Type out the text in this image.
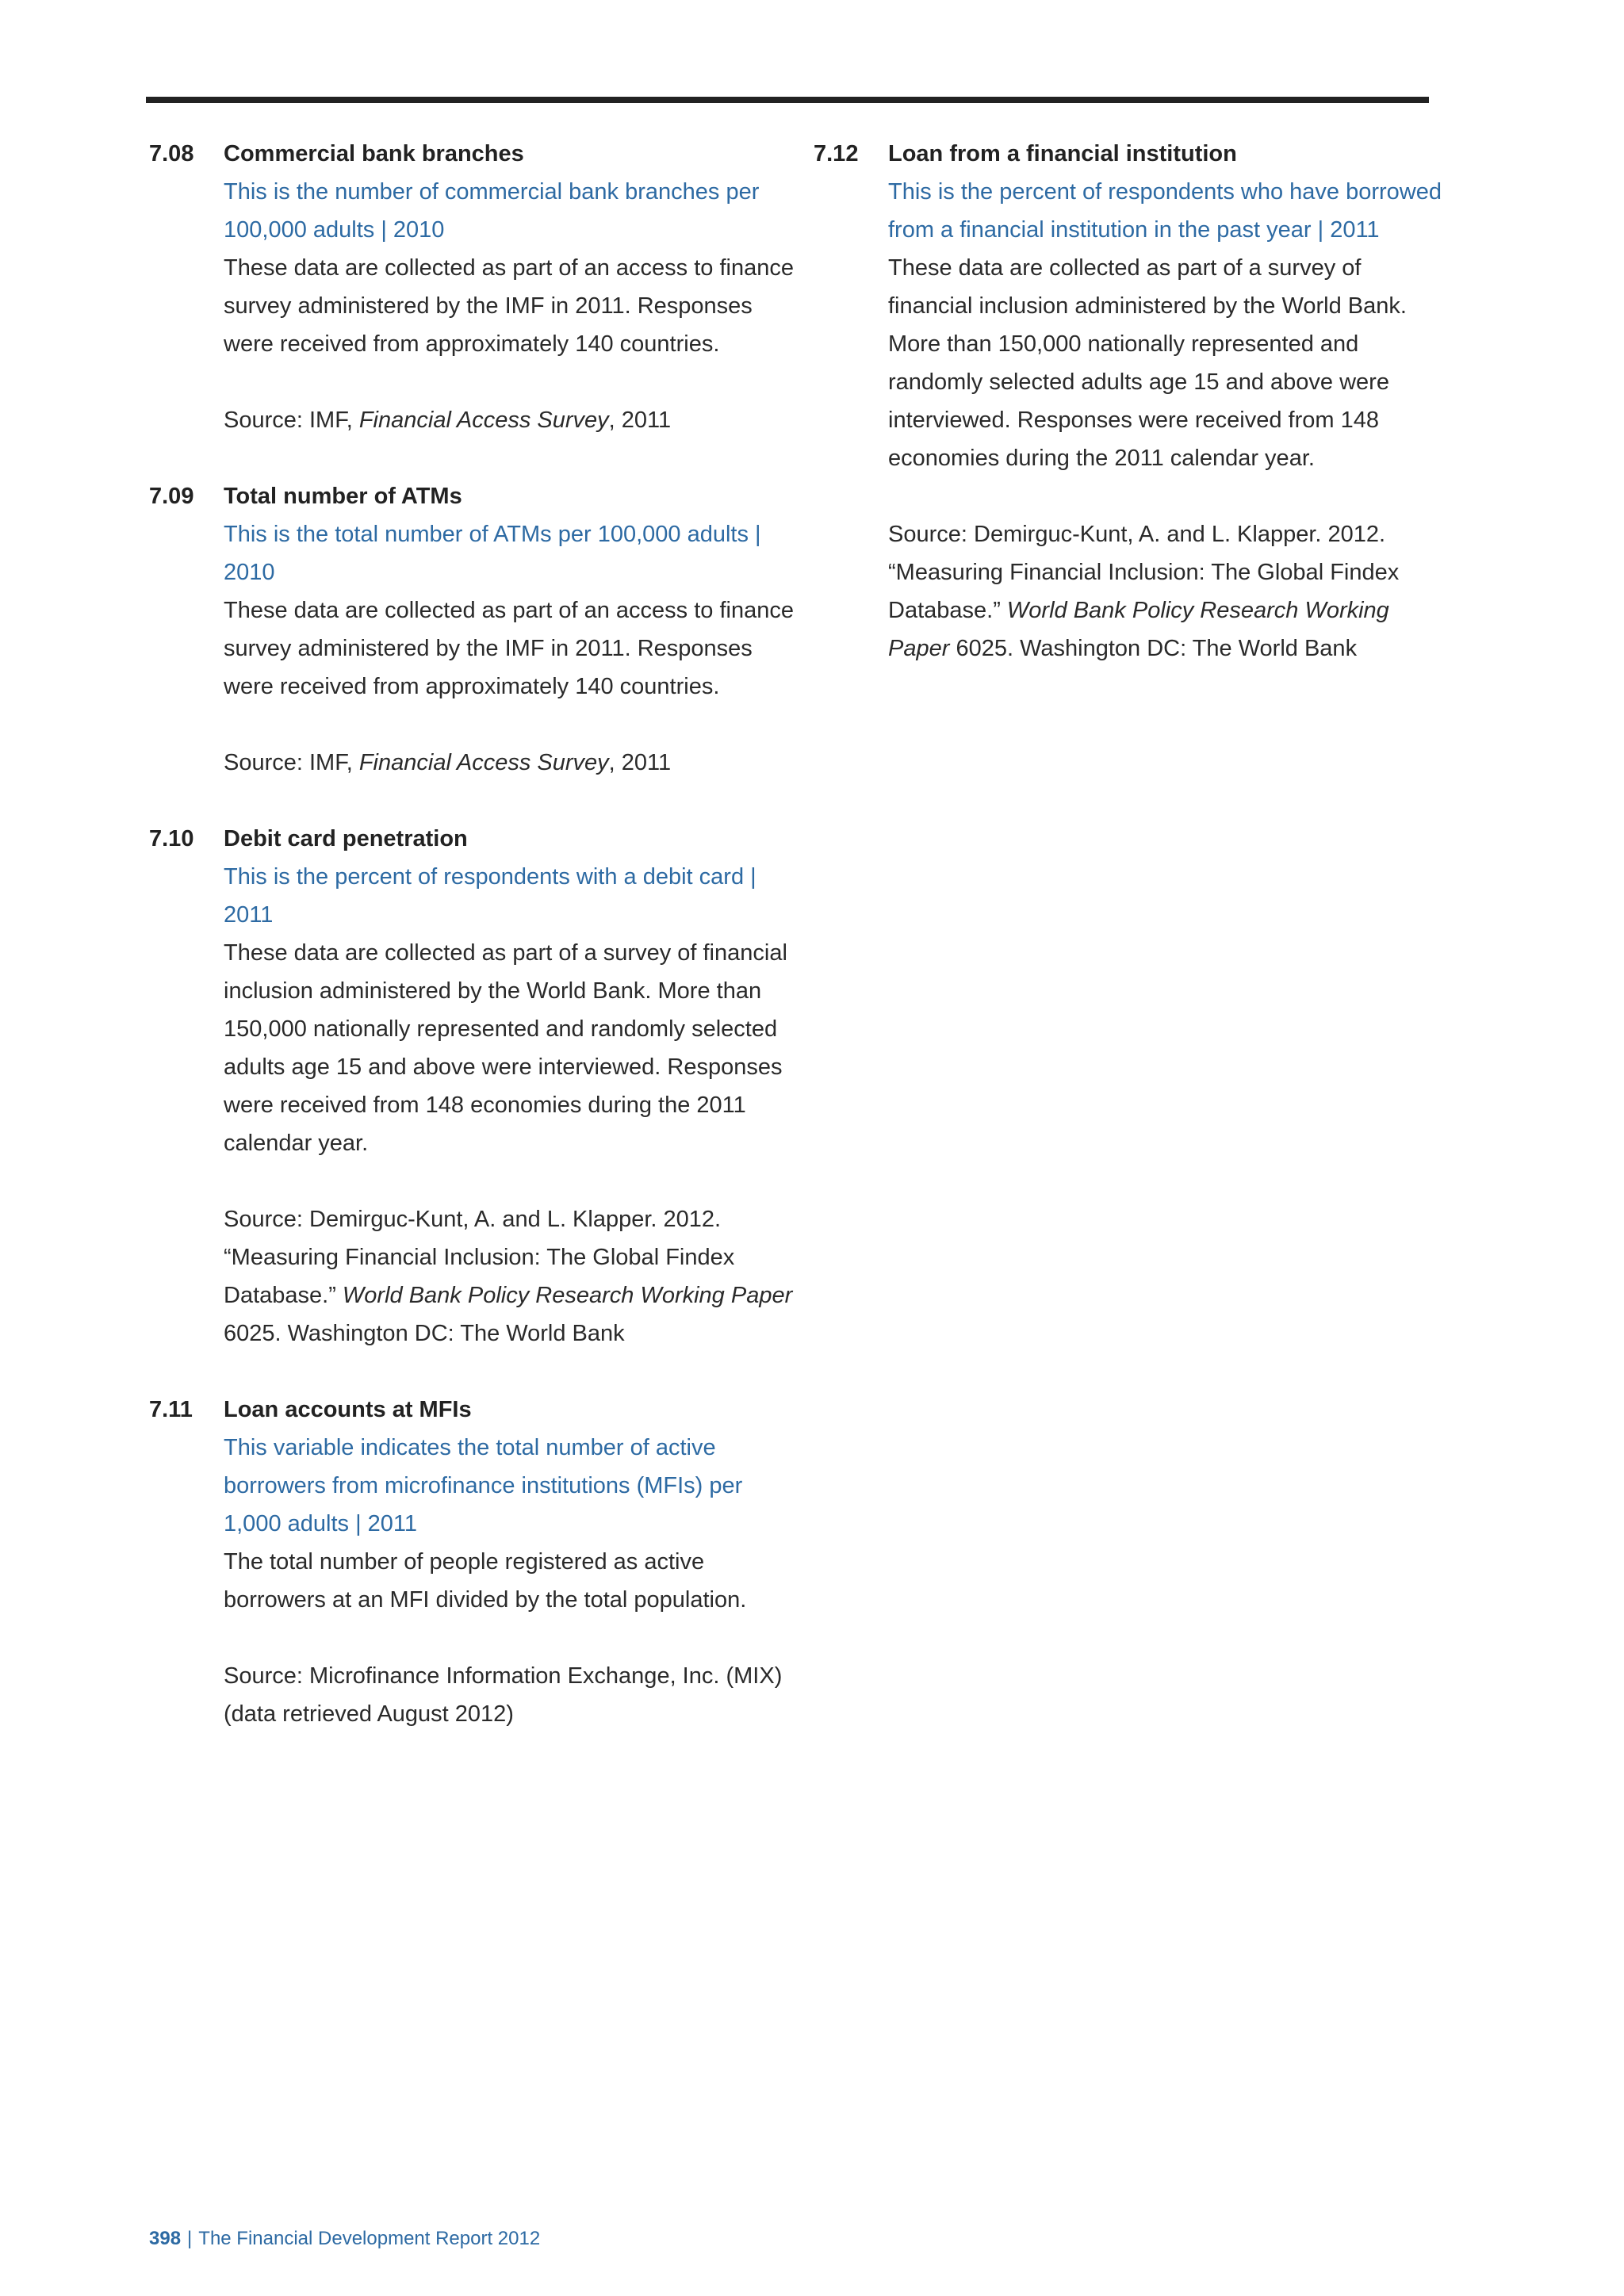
7.08 Commercial bank branches
This is the number of commercial bank branches per 100,000 adults | 2010
These data are collected as part of an access to finance survey administered by the IMF in 2011. Responses were received from approximately 140 countries.
Source: IMF, Financial Access Survey, 2011
7.09 Total number of ATMs
This is the total number of ATMs per 100,000 adults | 2010
These data are collected as part of an access to finance survey administered by the IMF in 2011. Responses were received from approximately 140 countries.
Source: IMF, Financial Access Survey, 2011
7.10 Debit card penetration
This is the percent of respondents with a debit card | 2011
These data are collected as part of a survey of financial inclusion administered by the World Bank. More than 150,000 nationally represented and randomly selected adults age 15 and above were interviewed. Responses were received from 148 economies during the 2011 calendar year.
Source: Demirguc-Kunt, A. and L. Klapper. 2012. “Measuring Financial Inclusion: The Global Findex Database.” World Bank Policy Research Working Paper 6025. Washington DC: The World Bank
7.11 Loan accounts at MFIs
This variable indicates the total number of active borrowers from microfinance institutions (MFIs) per 1,000 adults | 2011
The total number of people registered as active borrowers at an MFI divided by the total population.
Source: Microfinance Information Exchange, Inc. (MIX) (data retrieved August 2012)
7.12 Loan from a financial institution
This is the percent of respondents who have borrowed from a financial institution in the past year | 2011
These data are collected as part of a survey of financial inclusion administered by the World Bank. More than 150,000 nationally represented and randomly selected adults age 15 and above were interviewed. Responses were received from 148 economies during the 2011 calendar year.
Source: Demirguc-Kunt, A. and L. Klapper. 2012. “Measuring Financial Inclusion: The Global Findex Database.” World Bank Policy Research Working Paper 6025. Washington DC: The World Bank
398 | The Financial Development Report 2012
